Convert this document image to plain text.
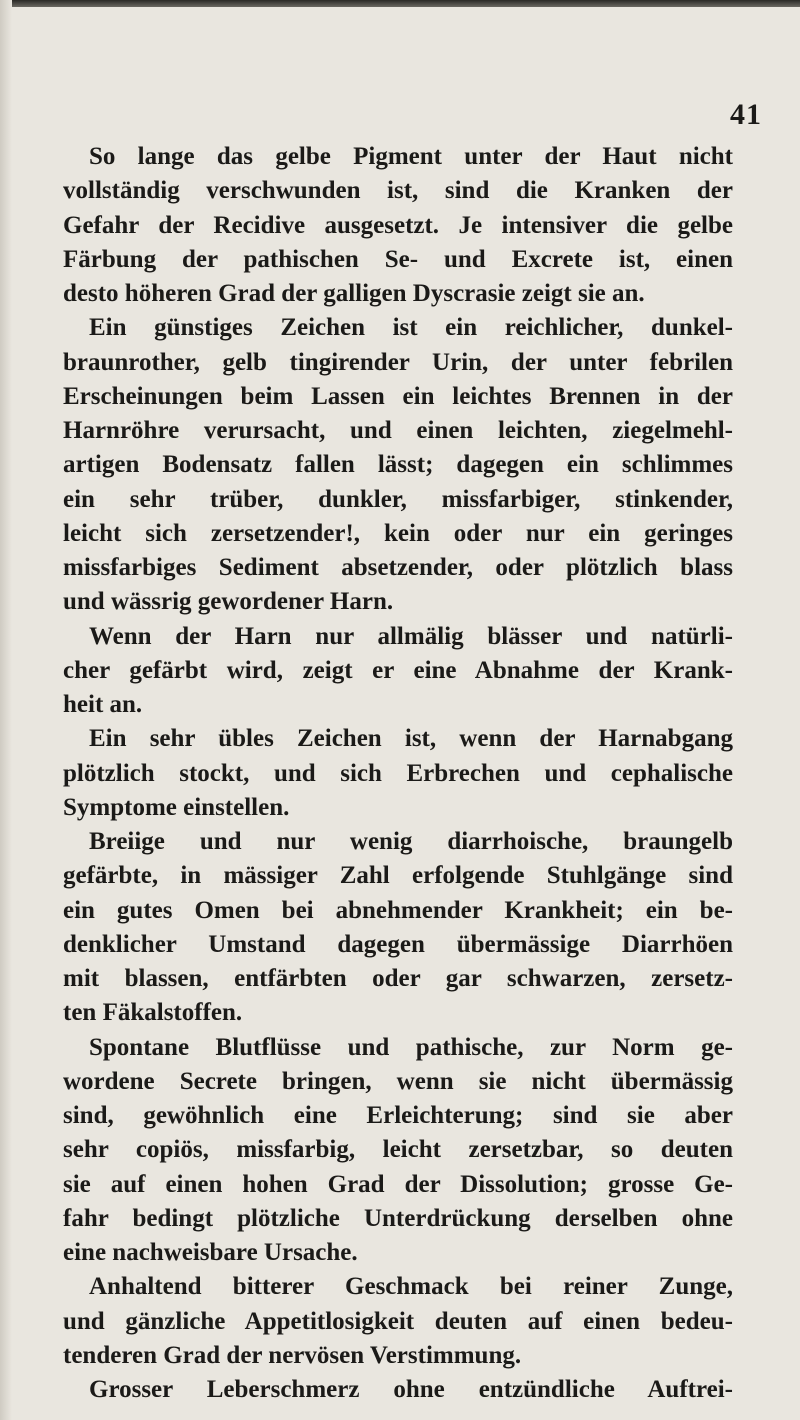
41
So lange das gelbe Pigment unter der Haut nicht
vollständig verschwunden ist, sind die Kranken der
Gefahr der Recidive ausgesetzt. Je intensiver die gelbe
Färbung der pathischen Se- und Excrete ist, einen
desto höheren Grad der galligen Dyscrasie zeigt sie an.
Ein günstiges Zeichen ist ein reichlicher, dunkel-
braunrother, gelb tingirender Urin, der unter febrilen
Erscheinungen beim Lassen ein leichtes Brennen in der
Harnröhre verursacht, und einen leichten, ziegelmehl-
artigen Bodensatz fallen lässt; dagegen ein schlimmes
ein sehr trüber, dunkler, missfarbiger, stinkender,
leicht sich zersetzender!, kein oder nur ein geringes
missfarbiges Sediment absetzender, oder plötzlich blass
und wässrig gewordener Harn.
Wenn der Harn nur allmälig blässer und natürli-
cher gefärbt wird, zeigt er eine Abnahme der Krank-
heit an.
Ein sehr übles Zeichen ist, wenn der Harnabgang
plötzlich stockt, und sich Erbrechen und cephalische
Symptome einstellen.
Breiige und nur wenig diarrhoische, braungelb
gefärbte, in mässiger Zahl erfolgende Stuhlgänge sind
ein gutes Omen bei abnehmender Krankheit; ein be-
denklicher Umstand dagegen übermässige Diarrhöen
mit blassen, entfärbten oder gar schwarzen, zersetz-
ten Fäkalstoffen.
Spontane Blutflüsse und pathische, zur Norm ge-
wordene Secrete bringen, wenn sie nicht übermässig
sind, gewöhnlich eine Erleichterung; sind sie aber
sehr copiös, missfarbig, leicht zersetzbar, so deuten
sie auf einen hohen Grad der Dissolution; grosse Ge-
fahr bedingt plötzliche Unterdrückung derselben ohne
eine nachweisbare Ursache.
Anhaltend bitterer Geschmack bei reiner Zunge,
und gänzliche Appetitlosigkeit deuten auf einen bedeu-
tenderen Grad der nervösen Verstimmung.
Grosser Leberschmerz ohne entzündliche Auftrei-
